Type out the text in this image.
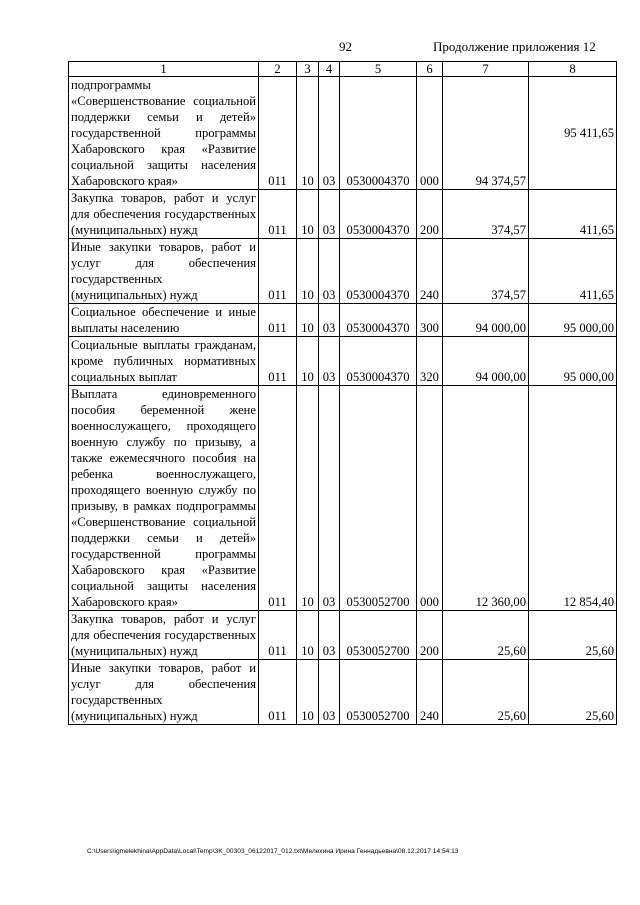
92	Продолжение приложения 12
1	2	3	4	5	6	7	8
подпрограммы «Совершенствование социальной поддержки семьи и детей» государственной программы Хабаровского края «Развитие социальной защиты населения Хабаровского края»	011	10	03	0530004370	000	94 374,57	95 411,65
Закупка товаров, работ и услуг для обеспечения государственных (муниципальных) нужд	011	10	03	0530004370	200	374,57	411,65
Иные закупки товаров, работ и услуг для обеспечения государственных (муниципальных) нужд	011	10	03	0530004370	240	374,57	411,65
Социальное обеспечение и иные выплаты населению	011	10	03	0530004370	300	94 000,00	95 000,00
Социальные выплаты гражданам, кроме публичных нормативных социальных выплат	011	10	03	0530004370	320	94 000,00	95 000,00
Выплата единовременного пособия беременной жене военнослужащего, проходящего военную службу по призыву, а также ежемесячного пособия на ребенка военнослужащего, проходящего военную службу по призыву, в рамках подпрограммы «Совершенствование социальной поддержки семьи и детей» государственной программы Хабаровского края «Развитие социальной защиты населения Хабаровского края»	011	10	03	0530052700	000	12 360,00	12 854,40
Закупка товаров, работ и услуг для обеспечения государственных (муниципальных) нужд	011	10	03	0530052700	200	25,60	25,60
Иные закупки товаров, работ и услуг для обеспечения государственных (муниципальных) нужд	011	10	03	0530052700	240	25,60	25,60
C:\Users\igmelekhina\AppData\Local\Temp\3K_00303_06122017_012.txt\Мелехина Ирина Геннадьевна\08.12.2017 14:54:13
